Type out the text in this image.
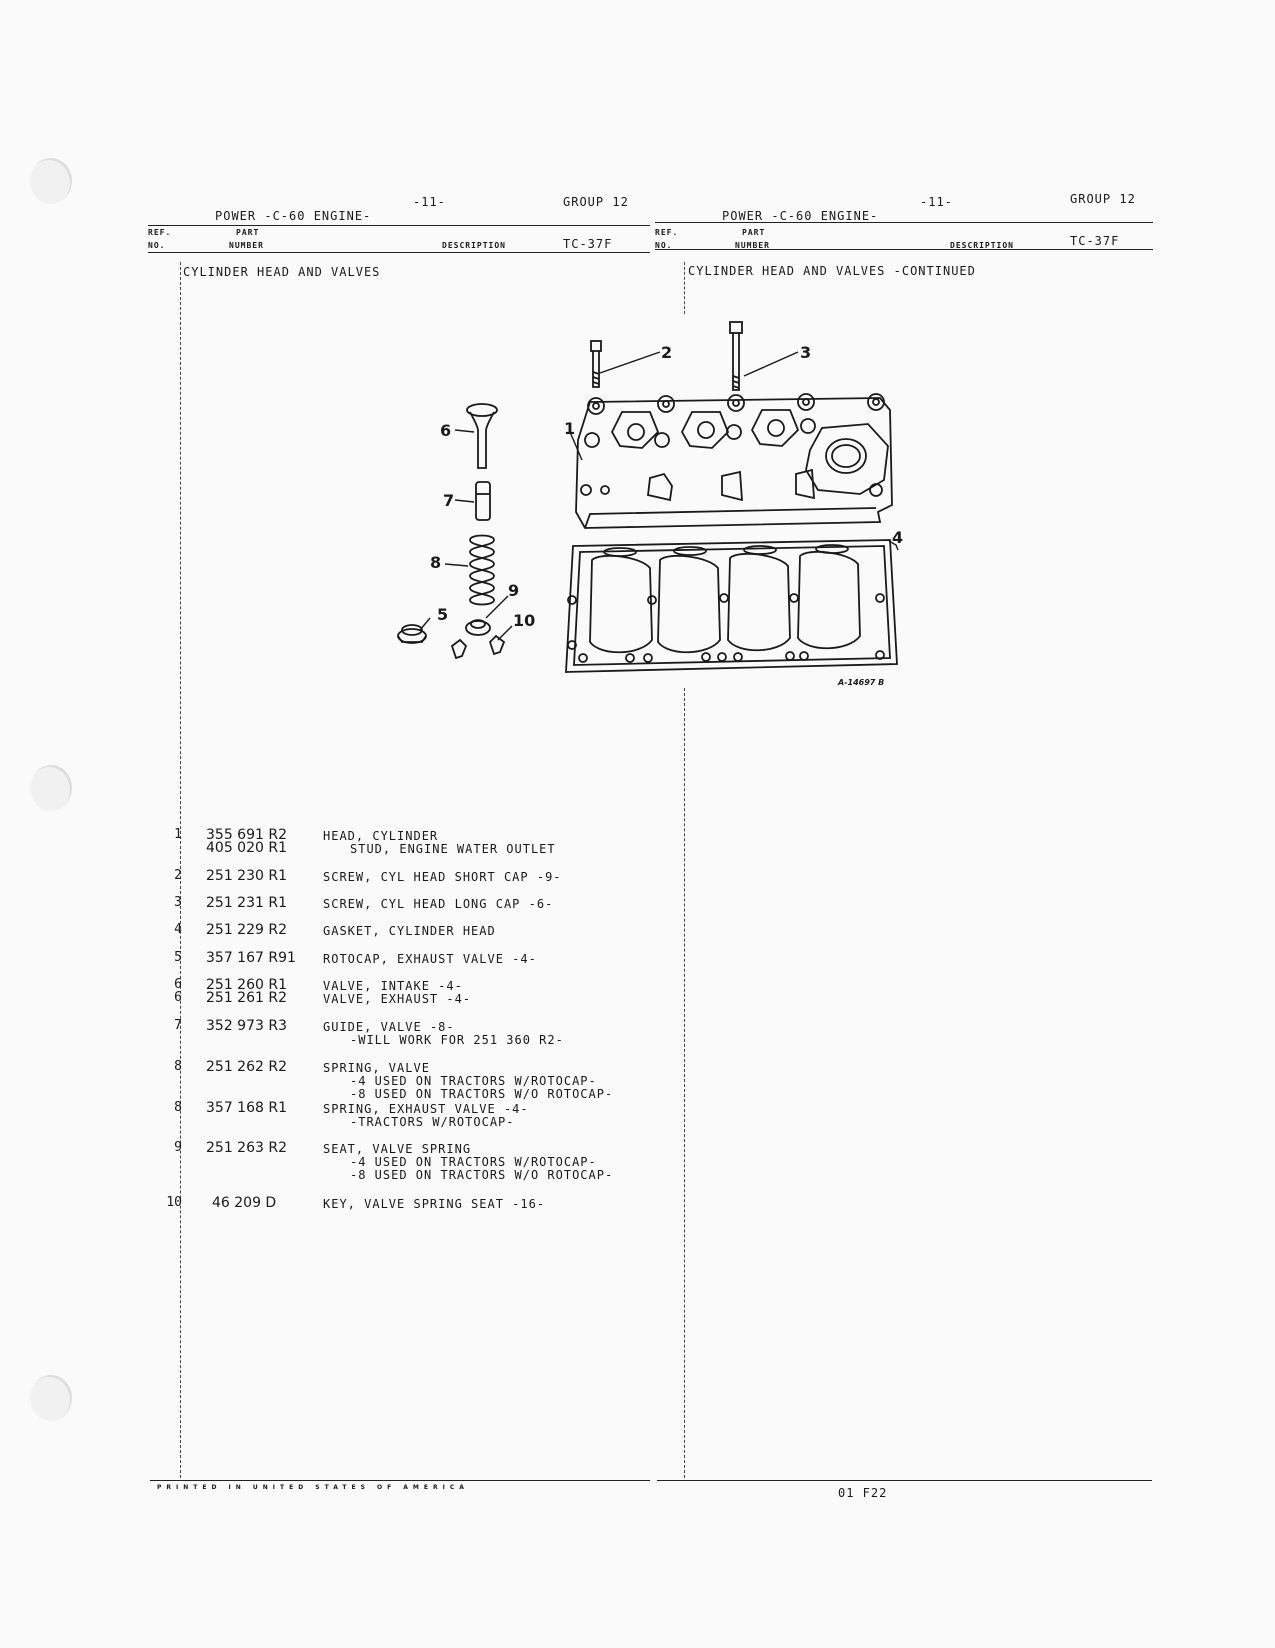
-11-	GROUP 12
POWER -C-60 ENGINE-
REF.
NO.
PART
NUMBER	DESCRIPTION	TC-37F
CYLINDER HEAD AND VALVES
-11-	GROUP 12
POWER -C-60 ENGINE-
REF.
NO.
PART
NUMBER	DESCRIPTION	TC-37F
CYLINDER HEAD AND VALVES -CONTINUED
1
2	3
4
5
6
7
8
9
10
A-14697 B
1 355 691 R2	HEAD, CYLINDER
405 020 R1	STUD, ENGINE WATER OUTLET
2 251 230 R1	SCREW, CYL HEAD SHORT CAP -9-
3 251 231 R1	SCREW, CYL HEAD LONG CAP -6-
4 251 229 R2	GASKET, CYLINDER HEAD
5 357 167 R91 ROTOCAP, EXHAUST VALVE -4-
6 251 260 R1	VALVE, INTAKE -4-
6 251 261 R2	VALVE, EXHAUST -4-
7 352 973 R3	GUIDE, VALVE -8-
-WILL WORK FOR 251 360 R2-
8 251 262 R2	SPRING, VALVE
-4 USED ON TRACTORS W/ROTOCAP-
-8 USED ON TRACTORS W/O ROTOCAP-
8 357 168 R1	SPRING, EXHAUST VALVE -4-
-TRACTORS W/ROTOCAP-
9 251 263 R2	SEAT, VALVE SPRING
-4 USED ON TRACTORS W/ROTOCAP-
-8 USED ON TRACTORS W/O ROTOCAP-
10 46 209 D	KEY, VALVE SPRING SEAT -16-
PRINTED IN UNITED STATES OF AMERICA	01 F22
